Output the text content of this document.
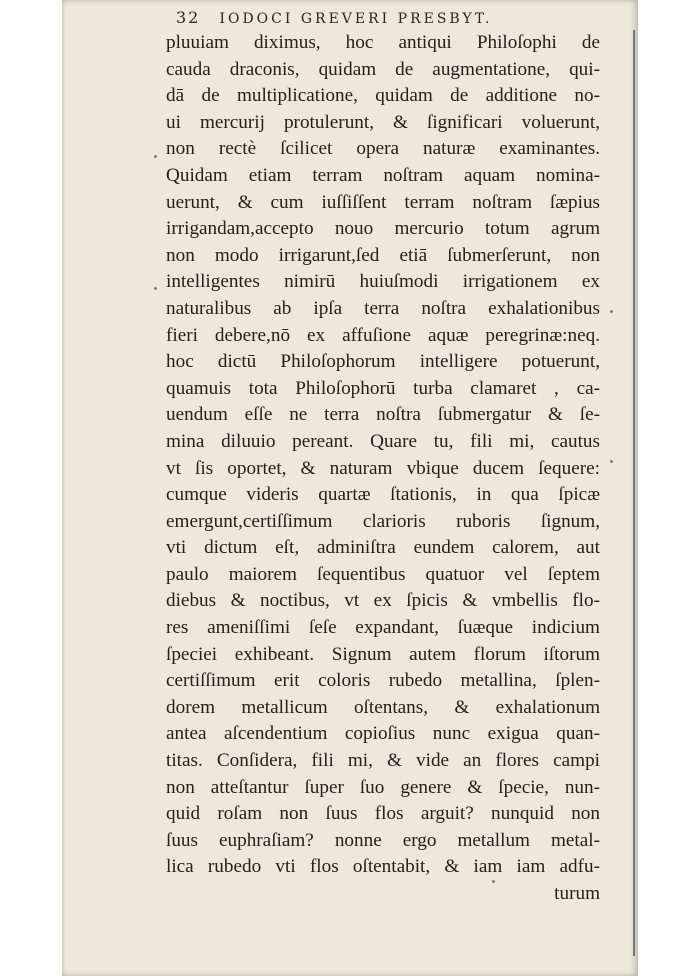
32 IODOCI GREVERI PRESBYT.
pluuiam diximus, hoc antiqui Philoſophi de
cauda draconis, quidam de augmentatione, qui-
dā de multiplicatione, quidam de additione no-
ui mercurij protulerunt, & ſignificari voluerunt,
non rectè ſcilicet opera naturæ examinantes.
Quidam etiam terram noſtram aquam nomina-
uerunt, & cum iuſſiſſent terram noſtram ſæpius
irrigandam,accepto nouo mercurio totum agrum
non modo irrigarunt,ſed etiā ſubmerſerunt, non
intelligentes nimirū huiuſmodi irrigationem ex
naturalibus ab ipſa terra noſtra exhalationibus
fieri debere,nō ex affuſione aquæ peregrinæ:neq.
hoc dictū Philoſophorum intelligere potuerunt,
quamuis tota Philoſophorū turba clamaret , ca-
uendum eſſe ne terra noſtra ſubmergatur & ſe-
mina diluuio pereant. Quare tu, fili mi, cautus
vt ſis oportet, & naturam vbique ducem ſequere:
cumque videris quartæ ſtationis, in qua ſpicæ
emergunt,certiſſimum clarioris ruboris ſignum,
vti dictum eſt, adminiſtra eundem calorem, aut
paulo maiorem ſequentibus quatuor vel ſeptem
diebus & noctibus, vt ex ſpicis & vmbellis flo-
res ameniſſimi ſeſe expandant, ſuæque indicium
ſpeciei exhibeant. Signum autem florum iſtorum
certiſſimum erit coloris rubedo metallina, ſplen-
dorem metallicum oſtentans, & exhalationum
antea aſcendentium copioſius nunc exigua quan-
titas. Conſidera, fili mi, & vide an flores campi
non atteſtantur ſuper ſuo genere & ſpecie, nun-
quid roſam non ſuus flos arguit? nunquid non
ſuus euphraſiam? nonne ergo metallum metal-
lica rubedo vti flos oſtentabit, & iam iam adfu-
turum
